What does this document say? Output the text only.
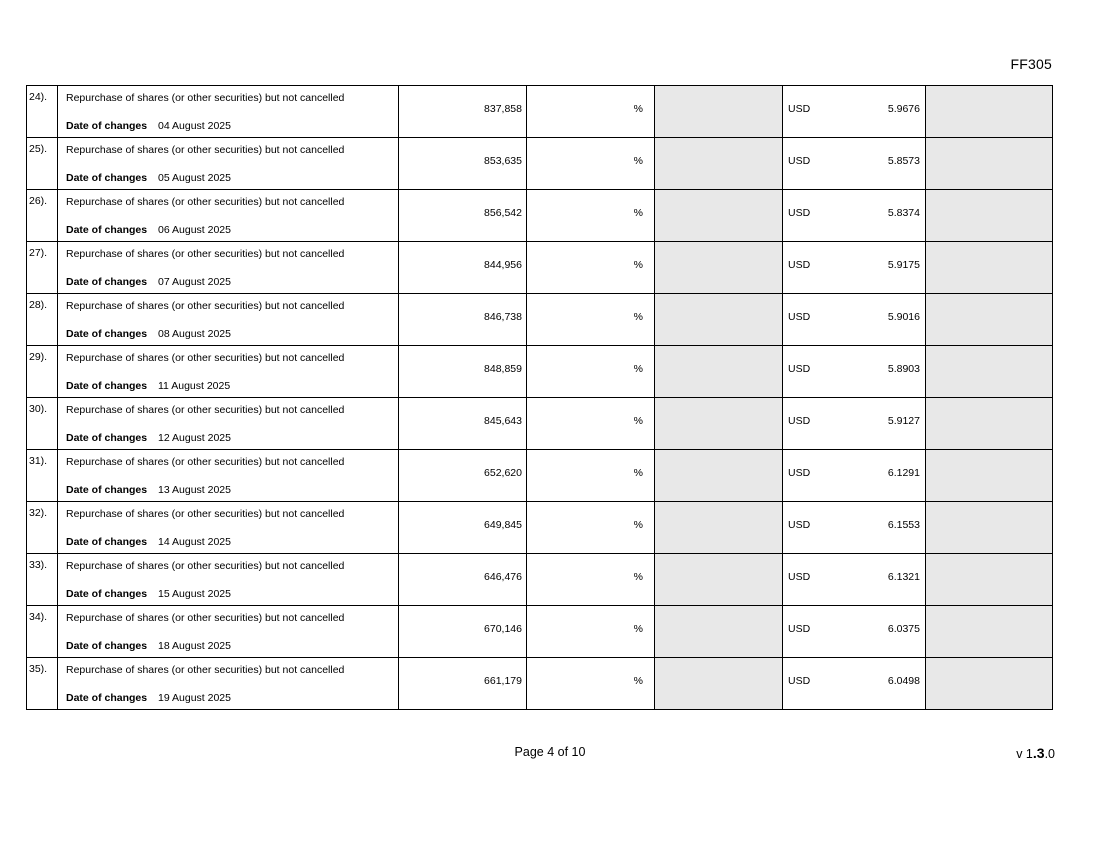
FF305
24).	Repurchase of shares (or other securities) but not cancelled
Date of changes 04 August 2025

837,858	%		USD	5.9676

25).	Repurchase of shares (or other securities) but not cancelled
Date of changes 05 August 2025

853,635	%		USD	5.8573

26).	Repurchase of shares (or other securities) but not cancelled
Date of changes 06 August 2025

856,542	%		USD	5.8374

27).	Repurchase of shares (or other securities) but not cancelled
Date of changes 07 August 2025

844,956	%		USD	5.9175

28).	Repurchase of shares (or other securities) but not cancelled
Date of changes 08 August 2025

846,738	%		USD	5.9016

29).	Repurchase of shares (or other securities) but not cancelled
Date of changes 11 August 2025

848,859	%		USD	5.8903

30).	Repurchase of shares (or other securities) but not cancelled
Date of changes 12 August 2025

845,643	%		USD	5.9127

31).	Repurchase of shares (or other securities) but not cancelled
Date of changes 13 August 2025

652,620	%		USD	6.1291

32).	Repurchase of shares (or other securities) but not cancelled
Date of changes 14 August 2025

649,845	%		USD	6.1553

33).	Repurchase of shares (or other securities) but not cancelled
Date of changes 15 August 2025

646,476	%		USD	6.1321

34).	Repurchase of shares (or other securities) but not cancelled
Date of changes 18 August 2025

670,146	%		USD	6.0375

35).	Repurchase of shares (or other securities) but not cancelled
Date of changes 19 August 2025

661,179	%		USD	6.0498

Page 4 of 10	v 1.3.0
